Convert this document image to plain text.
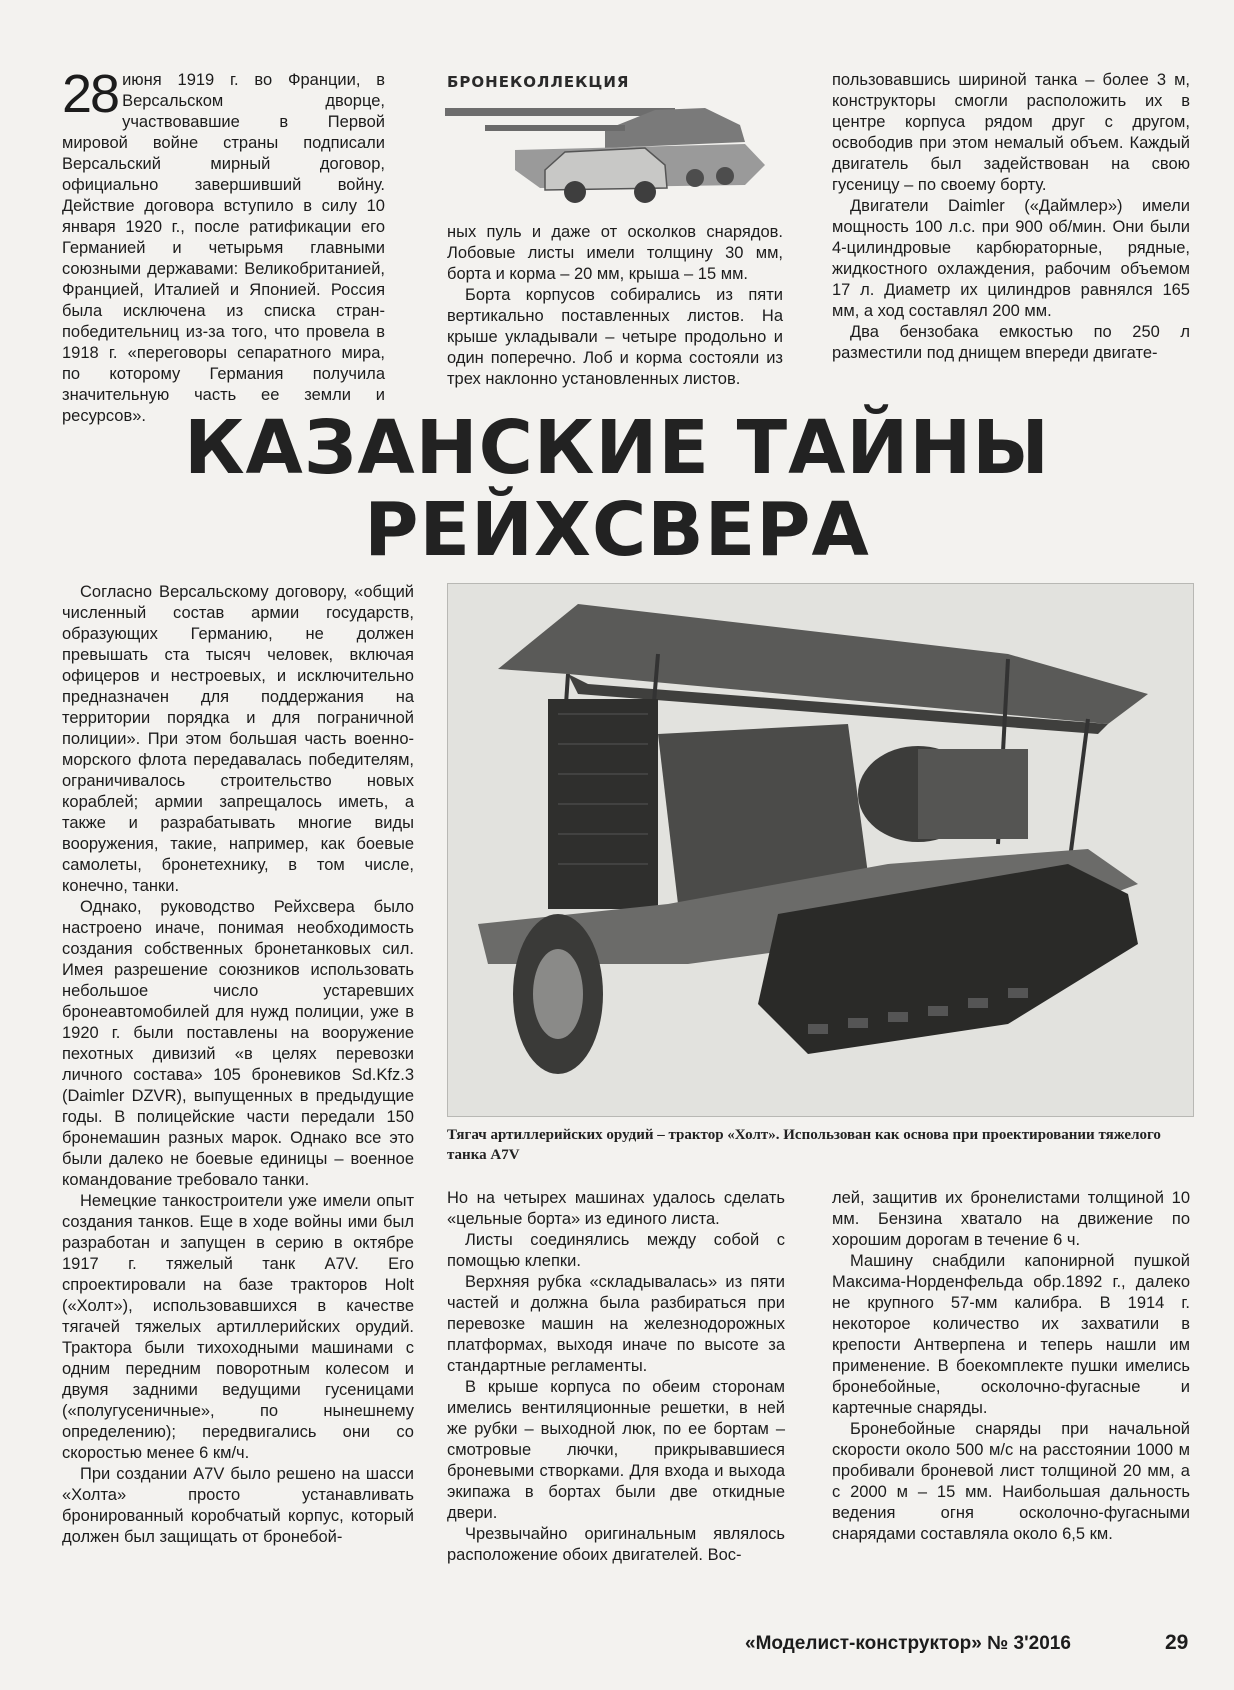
БРОНЕКОЛЛЕКЦИЯ

28 июня 1919 г. во Франции, в Версальском дворце, участвовавшие в Первой мировой войне страны подписали Версальский мирный договор, официально завершивший войну. Действие договора вступило в силу 10 января 1920 г., после ратификации его Германией и четырьмя главными союзными державами: Великобританией, Францией, Италией и Японией. Россия была исключена из списка стран-победительниц из-за того, что провела в 1918 г. «переговоры сепаратного мира, по которому Германия получила значительную часть ее земли и ресурсов».

ных пуль и даже от осколков снарядов. Лобовые листы имели толщину 30 мм, борта и корма – 20 мм, крыша – 15 мм.

Борта корпусов собирались из пяти вертикально поставленных листов. На крыше укладывали – четыре продольно и один поперечно. Лоб и корма состояли из трех наклонно установленных листов.

пользовавшись шириной танка – более 3 м, конструкторы смогли расположить их в центре корпуса рядом друг с другом, освободив при этом немалый объем. Каждый двигатель был задействован на свою гусеницу – по своему борту.

Двигатели Daimler («Даймлер») имели мощность 100 л.с. при 900 об/мин. Они были 4-цилиндровые карбюраторные, рядные, жидкостного охлаждения, рабочим объемом 17 л. Диаметр их цилиндров равнялся 165 мм, а ход составлял 200 мм.

Два бензобака емкостью по 250 л разместили под днищем впереди двигате-

КАЗАНСКИЕ ТАЙНЫ
РЕЙХСВЕРА

Согласно Версальскому договору, «общий численный состав армии государств, образующих Германию, не должен превышать ста тысяч человек, включая офицеров и нестроевых, и исключительно предназначен для поддержания на территории порядка и для пограничной полиции». При этом большая часть военно-морского флота передавалась победителям, ограничивалось строительство новых кораблей; армии запрещалось иметь, а также и разрабатывать многие виды вооружения, такие, например, как боевые самолеты, бронетехнику, в том числе, конечно, танки.

Однако, руководство Рейхсвера было настроено иначе, понимая необходимость создания собственных бронетанковых сил. Имея разрешение союзников использовать небольшое число устаревших бронеавтомобилей для нужд полиции, уже в 1920 г. были поставлены на вооружение пехотных дивизий «в целях перевозки личного состава» 105 броневиков Sd.Kfz.3 (Daimler DZVR), выпущенных в предыдущие годы. В полицейские части передали 150 бронемашин разных марок. Однако все это были далеко не боевые единицы – военное командование требовало танки.

Немецкие танкостроители уже имели опыт создания танков. Еще в ходе войны ими был разработан и запущен в серию в октябре 1917 г. тяжелый танк A7V. Его спроектировали на базе тракторов Holt («Холт»), использовавшихся в качестве тягачей тяжелых артиллерийских орудий. Трактора были тихоходными машинами с одним передним поворотным колесом и двумя задними ведущими гусеницами («полугусеничные», по нынешнему определению); передвигались они со скоростью менее 6 км/ч.

При создании A7V было решено на шасси «Холта» просто устанавливать бронированный коробчатый корпус, который должен был защищать от бронебой-

Тягач артиллерийских орудий – трактор «Холт». Использован как основа при проектировании тяжелого танка A7V

Но на четырех машинах удалось сделать «цельные борта» из единого листа.

Листы соединялись между собой с помощью клепки.

Верхняя рубка «складывалась» из пяти частей и должна была разбираться при перевозке машин на железнодорожных платформах, выходя иначе по высоте за стандартные регламенты.

В крыше корпуса по обеим сторонам имелись вентиляционные решетки, в ней же рубки – выходной люк, по ее бортам – смотровые лючки, прикрывавшиеся броневыми створками. Для входа и выхода экипажа в бортах были две откидные двери.

Чрезвычайно оригинальным являлось расположение обоих двигателей. Вос-

лей, защитив их бронелистами толщиной 10 мм. Бензина хватало на движение по хорошим дорогам в течение 6 ч.

Машину снабдили капонирной пушкой Максима-Норденфельда обр.1892 г., далеко не крупного 57-мм калибра. В 1914 г. некоторое количество их захватили в крепости Антверпена и теперь нашли им применение. В боекомплекте пушки имелись бронебойные, осколочно-фугасные и картечные снаряды.

Бронебойные снаряды при начальной скорости около 500 м/с на расстоянии 1000 м пробивали броневой лист толщиной 20 мм, а с 2000 м – 15 мм. Наибольшая дальность ведения огня осколочно-фугасными снарядами составляла около 6,5 км.

«Моделист-конструктор» № 3'2016	29
